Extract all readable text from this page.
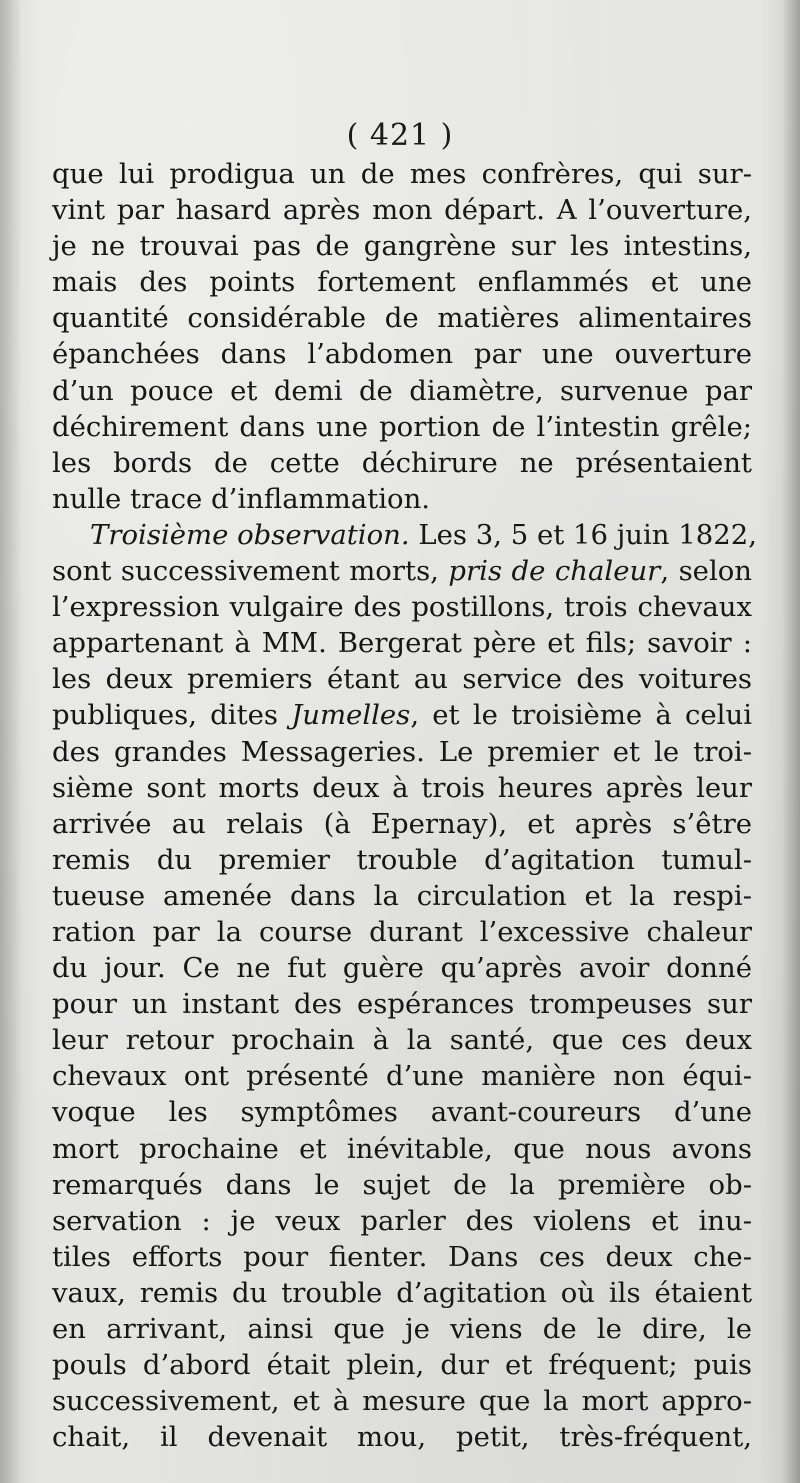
( 421 )
que lui prodigua un de mes confrères, qui sur-
vint par hasard après mon départ. A l’ouverture,
je ne trouvai pas de gangrène sur les intestins,
mais des points fortement enflammés et une
quantité considérable de matières alimentaires
épanchées dans l’abdomen par une ouverture
d’un pouce et demi de diamètre, survenue par
déchirement dans une portion de l’intestin grêle;
les bords de cette déchirure ne présentaient
nulle trace d’inflammation.
Troisième observation. Les 3, 5 et 16 juin 1822,
sont successivement morts, pris de chaleur, selon
l’expression vulgaire des postillons, trois chevaux
appartenant à MM. Bergerat père et fils; savoir :
les deux premiers étant au service des voitures
publiques, dites Jumelles, et le troisième à celui
des grandes Messageries. Le premier et le troi-
sième sont morts deux à trois heures après leur
arrivée au relais (à Epernay), et après s’être
remis du premier trouble d’agitation tumul-
tueuse amenée dans la circulation et la respi-
ration par la course durant l’excessive chaleur
du jour. Ce ne fut guère qu’après avoir donné
pour un instant des espérances trompeuses sur
leur retour prochain à la santé, que ces deux
chevaux ont présenté d’une manière non équi-
voque les symptômes avant-coureurs d’une
mort prochaine et inévitable, que nous avons
remarqués dans le sujet de la première ob-
servation : je veux parler des violens et inu-
tiles efforts pour fienter. Dans ces deux che-
vaux, remis du trouble d’agitation où ils étaient
en arrivant, ainsi que je viens de le dire, le
pouls d’abord était plein, dur et fréquent; puis
successivement, et à mesure que la mort appro-
chait, il devenait mou, petit, très-fréquent,
